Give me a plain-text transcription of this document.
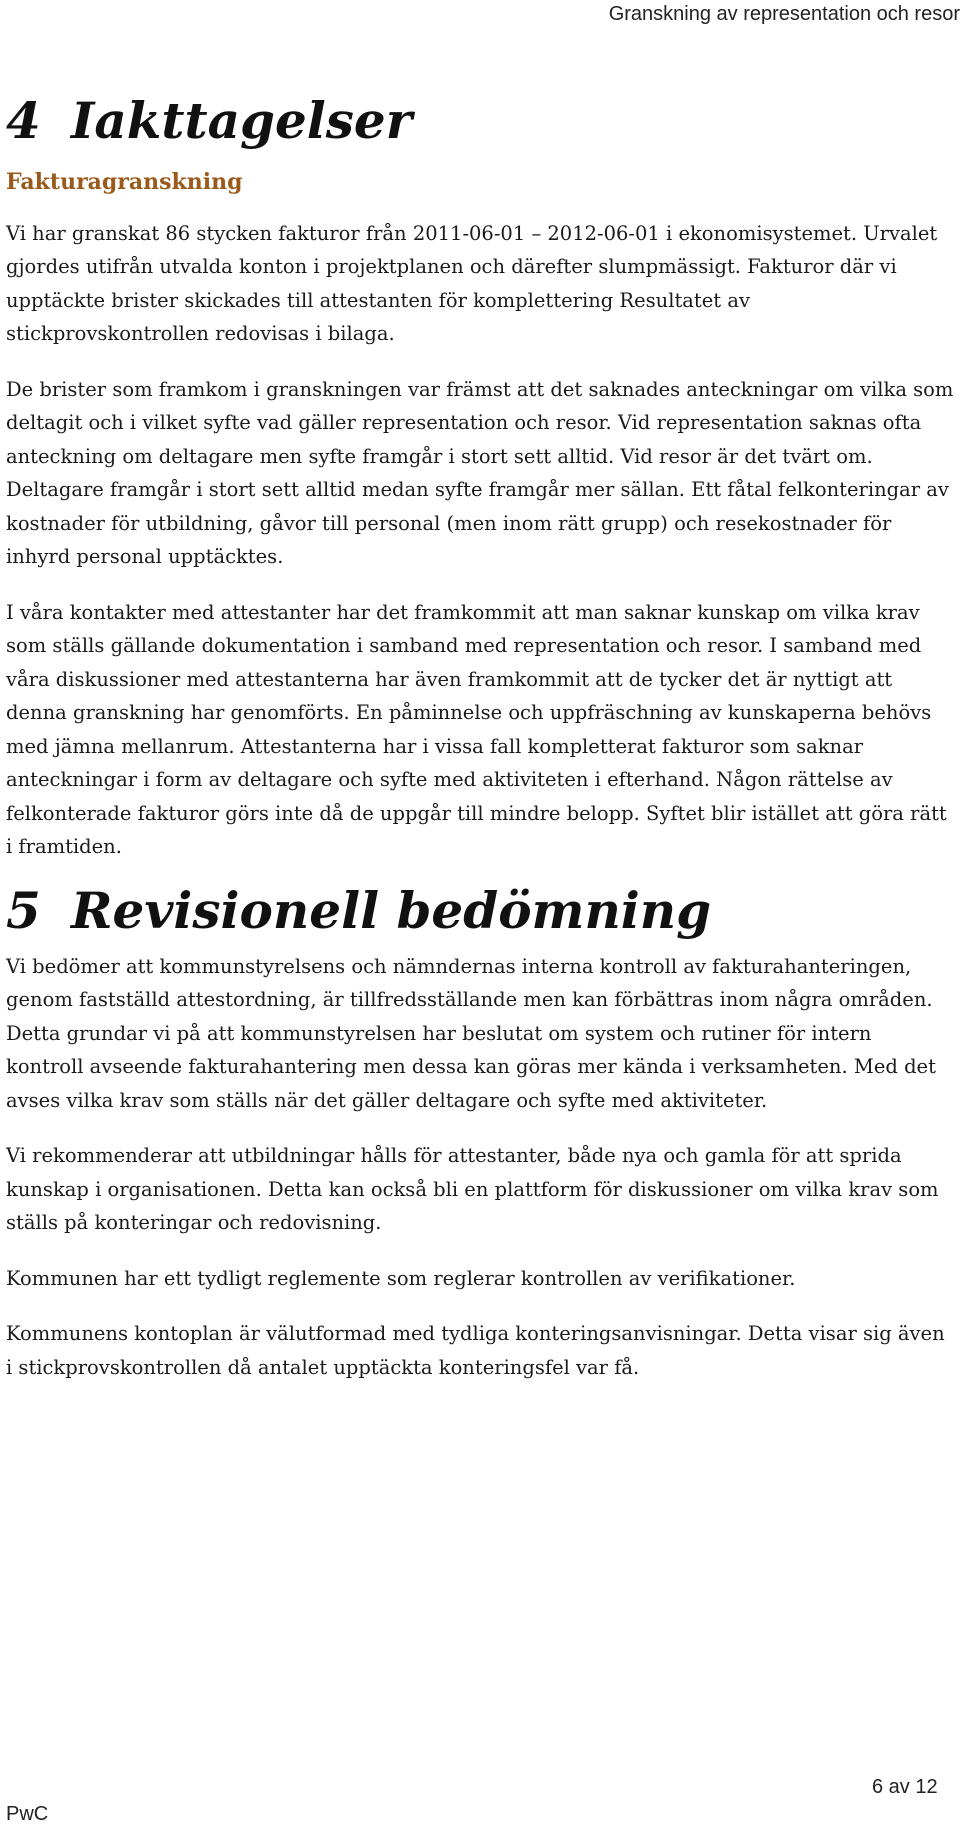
Granskning av representation och resor
4 Iakttagelser
Fakturagranskning

Vi har granskat 86 stycken fakturor från 2011-06-01 – 2012-06-01 i ekonomisystemet. Urvalet gjordes utifrån utvalda konton i projektplanen och därefter slumpmässigt. Fakturor där vi upptäckte brister skickades till attestanten för komplettering Resultatet av stickprovskontrollen redovisas i bilaga.

De brister som framkom i granskningen var främst att det saknades anteckningar om vilka som deltagit och i vilket syfte vad gäller representation och resor. Vid representation saknas ofta anteckning om deltagare men syfte framgår i stort sett alltid. Vid resor är det tvärt om. Deltagare framgår i stort sett alltid medan syfte framgår mer sällan. Ett fåtal felkonteringar av kostnader för utbildning, gåvor till personal (men inom rätt grupp) och resekostnader för inhyrd personal upptäcktes.

I våra kontakter med attestanter har det framkommit att man saknar kunskap om vilka krav som ställs gällande dokumentation i samband med representation och resor. I samband med våra diskussioner med attestanterna har även framkommit att de tycker det är nyttigt att denna granskning har genomförts. En påminnelse och uppfräschning av kunskaperna behövs med jämna mellanrum. Attestanterna har i vissa fall kompletterat fakturor som saknar anteckningar i form av deltagare och syfte med aktiviteten i efterhand. Någon rättelse av felkonterade fakturor görs inte då de uppgår till mindre belopp. Syftet blir istället att göra rätt i framtiden.

5 Revisionell bedömning

Vi bedömer att kommunstyrelsens och nämndernas interna kontroll av fakturahanteringen, genom fastställd attestordning, är tillfredsställande men kan förbättras inom några områden. Detta grundar vi på att kommunstyrelsen har beslutat om system och rutiner för intern kontroll avseende fakturahantering men dessa kan göras mer kända i verksamheten. Med det avses vilka krav som ställs när det gäller deltagare och syfte med aktiviteter.

Vi rekommenderar att utbildningar hålls för attestanter, både nya och gamla för att sprida kunskap i organisationen. Detta kan också bli en plattform för diskussioner om vilka krav som ställs på konteringar och redovisning.

Kommunen har ett tydligt reglemente som reglerar kontrollen av verifikationer.

Kommunens kontoplan är välutformad med tydliga konteringsanvisningar. Detta visar sig även i stickprovskontrollen då antalet upptäckta konteringsfel var få.

6 av 12
PwC
